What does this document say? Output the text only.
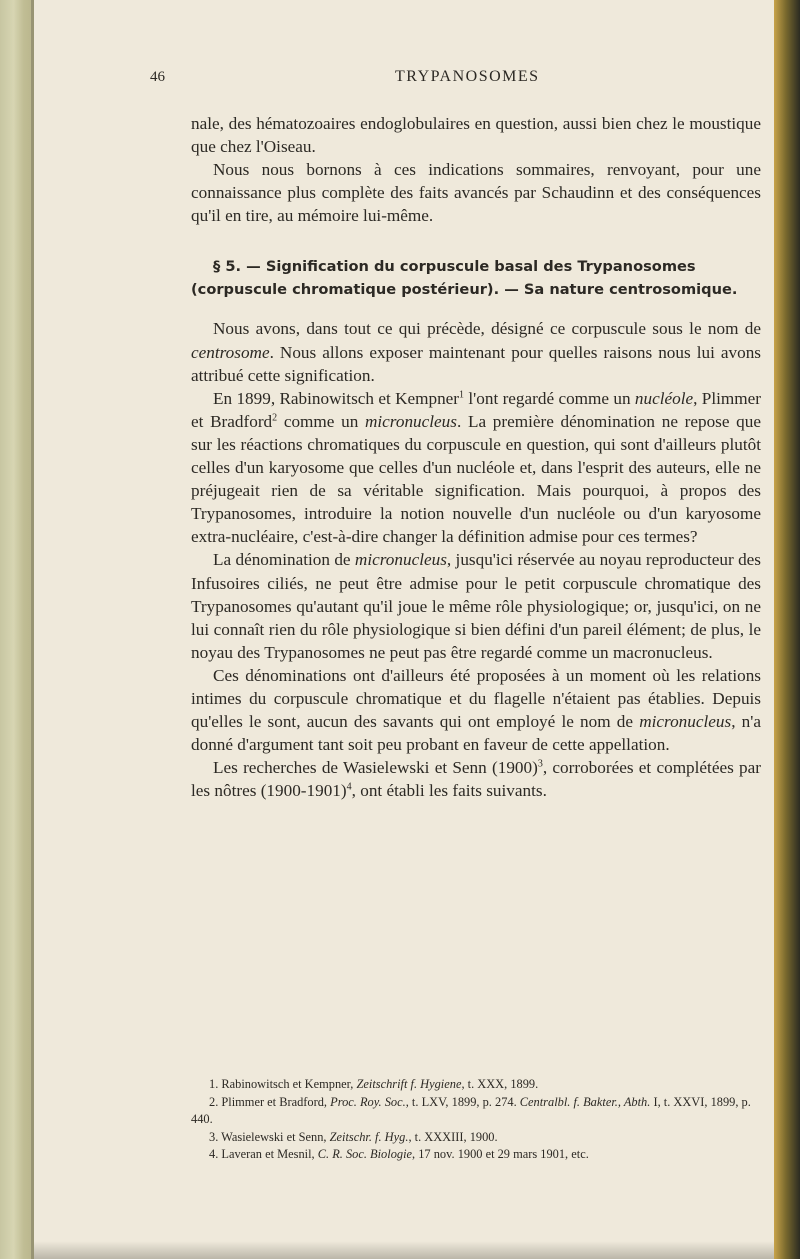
46	TRYPANOSOMES

nale, des hématozoaires endoglobulaires en question, aussi bien chez le moustique que chez l'Oiseau.

Nous nous bornons à ces indications sommaires, renvoyant, pour une connaissance plus complète des faits avancés par Schaudinn et des conséquences qu'il en tire, au mémoire lui-même.

§ 5. — Signification du corpuscule basal des Trypanosomes
(corpuscule chromatique postérieur). — Sa nature centrosomique.

Nous avons, dans tout ce qui précède, désigné ce corpuscule sous le nom de centrosome. Nous allons exposer maintenant pour quelles raisons nous lui avons attribué cette signification.

En 1899, Rabinowitsch et Kempner$^1$ l'ont regardé comme un nucléole, Plimmer et Bradford$^2$ comme un micronucleus. La première dénomination ne repose que sur les réactions chromatiques du corpuscule en question, qui sont d'ailleurs plutôt celles d'un karyosome que celles d'un nucléole et, dans l'esprit des auteurs, elle ne préjugeait rien de sa véritable signification. Mais pourquoi, à propos des Trypanosomes, introduire la notion nouvelle d'un nucléole ou d'un karyosome extra-nucléaire, c'est-à-dire changer la définition admise pour ces termes?

La dénomination de micronucleus, jusqu'ici réservée au noyau reproducteur des Infusoires ciliés, ne peut être admise pour le petit corpuscule chromatique des Trypanosomes qu'autant qu'il joue le même rôle physiologique; or, jusqu'ici, on ne lui connaît rien du rôle physiologique si bien défini d'un pareil élément; de plus, le noyau des Trypanosomes ne peut pas être regardé comme un macronucleus.

Ces dénominations ont d'ailleurs été proposées à un moment où les relations intimes du corpuscule chromatique et du flagelle n'étaient pas établies. Depuis qu'elles le sont, aucun des savants qui ont employé le nom de micronucleus, n'a donné d'argument tant soit peu probant en faveur de cette appellation.

Les recherches de Wasielewski et Senn $(1900)^3$, corroborées et complétées par les nôtres (1900-1901)$^4$, ont établi les faits suivants.

1. Rabinowitsch et Kempner, Zeitschrift f. Hygiene, t. XXX, 1899.

2. Plimmer et Bradford, Proc. Roy. Soc., t. LXV, 1899, p. 274. Centralbl. f. Bakter., Abth. I, t. XXVI, 1899, p. 440.

3. Wasielewski et Senn, Zeitschr. f. Hyg., t. XXXIII, 1900.

4. Laveran et Mesnil, C. R. Soc. Biologie, 17 nov. 1900 et 29 mars 1901, etc.
